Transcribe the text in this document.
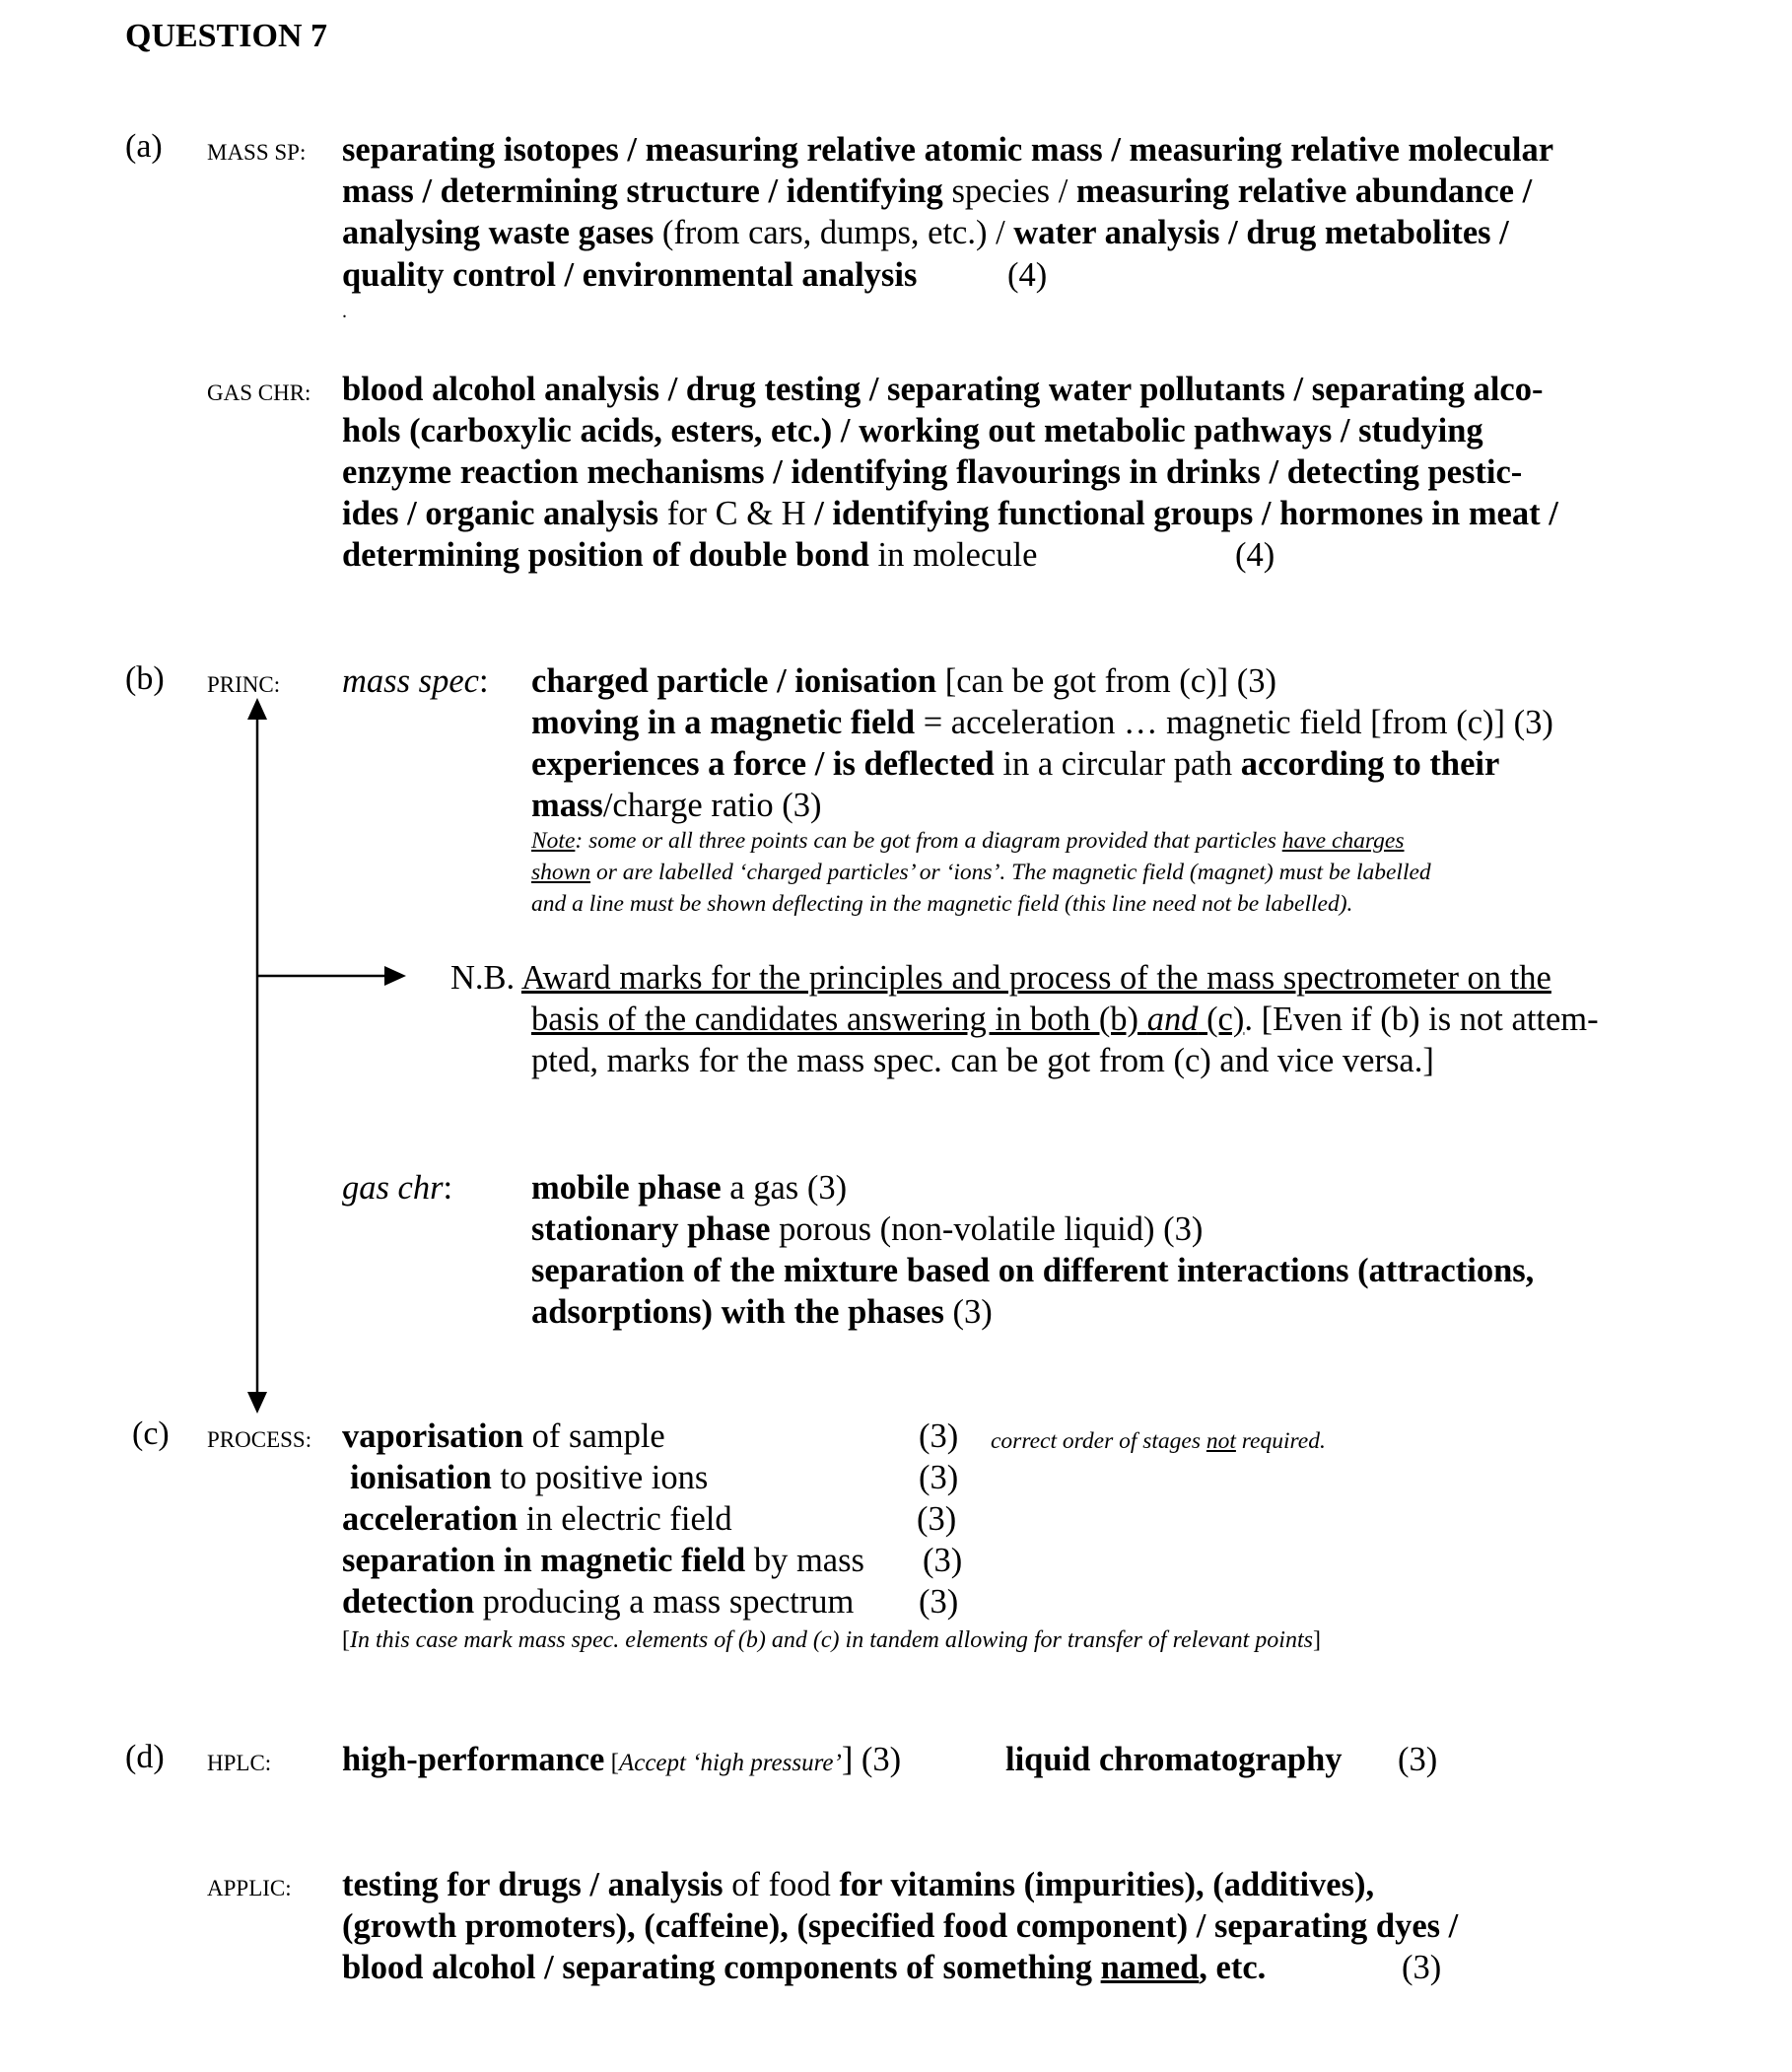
QUESTION 7
(a) MASS SP: separating isotopes / measuring relative atomic mass / measuring relative molecular
mass / determining structure / identifying species / measuring relative abundance /
analysing waste gases (from cars, dumps, etc.) / water analysis / drug metabolites /
quality control / environmental analysis	(4)
.
GAS CHR: blood alcohol analysis / drug testing / separating water pollutants / separating alco-
hols (carboxylic acids, esters, etc.) / working out metabolic pathways / studying
enzyme reaction mechanisms / identifying flavourings in drinks / detecting pestic-
ides / organic analysis for C & H / identifying functional groups / hormones in meat /
determining position of double bond in molecule	(4)
(b) PRINC: mass spec: charged particle / ionisation [can be got from (c)] (3)
moving in a magnetic field = acceleration … magnetic field [from (c)] (3)
experiences a force / is deflected in a circular path according to their
mass/charge ratio (3)
Note: some or all three points can be got from a diagram provided that particles have charges
shown or are labelled ‘charged particles’ or ‘ions’. The magnetic field (magnet) must be labelled
and a line must be shown deflecting in the magnetic field (this line need not be labelled).
N.B. Award marks for the principles and process of the mass spectrometer on the
basis of the candidates answering in both (b) and (c). [Even if (b) is not attem-
pted, marks for the mass spec. can be got from (c) and vice versa.]
gas chr: mobile phase a gas (3)
stationary phase porous (non-volatile liquid) (3)
separation of the mixture based on different interactions (attractions,
adsorptions) with the phases (3)
(c) PROCESS: vaporisation of sample	(3)
ionisation to positive ions	(3)
acceleration in electric field	(3)
separation in magnetic field by mass (3)
detection producing a mass spectrum (3)
correct order of stages not required.
[In this case mark mass spec. elements of (b) and (c) in tandem allowing for transfer of relevant points]
(d) HPLC: high-performance [Accept ‘high pressure’] (3)	liquid chromatography (3)
APPLIC: testing for drugs / analysis of food for vitamins (impurities), (additives),
(growth promoters), (caffeine), (specified food component) / separating dyes /
blood alcohol / separating components of something named, etc.	(3)
